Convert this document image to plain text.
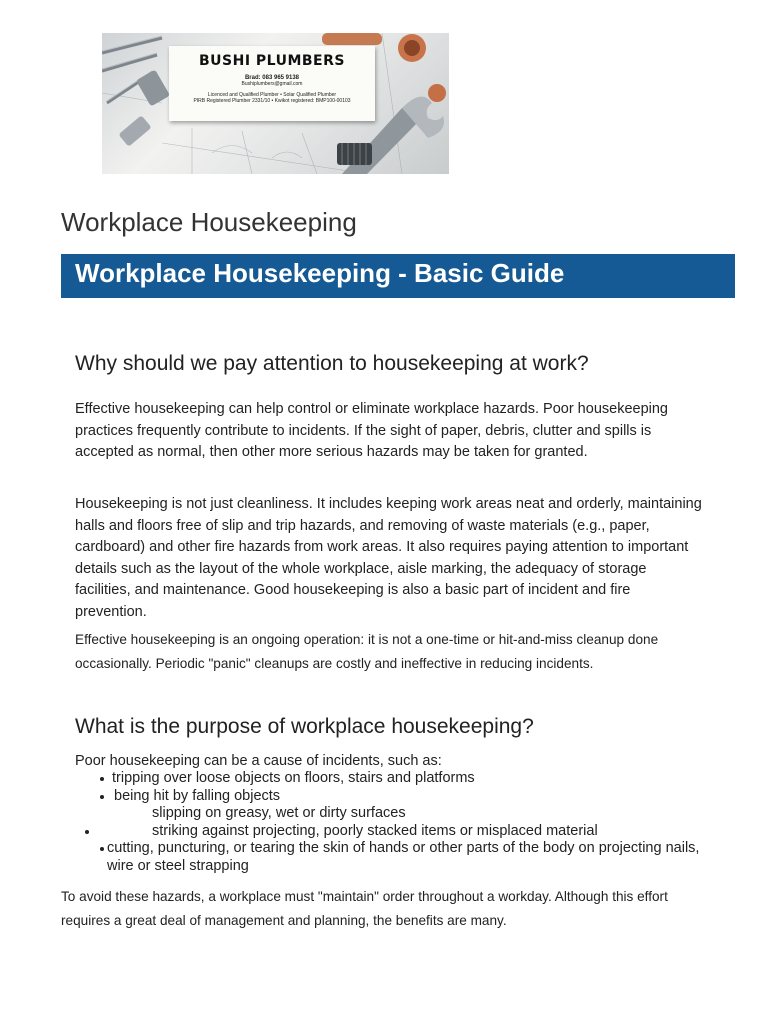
BUSHI PLUMBERS
Brad: 083 965 9138
Bushiplumbers@gmail.com
Licenced and Qualified Plumber • Solar Qualified Plumber
PIRB Registered Plumber 2331/10 • Kwikot registered: BMP100-00103
Workplace Housekeeping
Workplace Housekeeping - Basic Guide
Why should we pay attention to housekeeping at work?

Effective housekeeping can help control or eliminate workplace hazards. Poor housekeeping practices frequently contribute to incidents. If the sight of paper, debris, clutter and spills is accepted as normal, then other more serious hazards may be taken for granted.

Housekeeping is not just cleanliness. It includes keeping work areas neat and orderly, maintaining halls and floors free of slip and trip hazards, and removing of waste materials (e.g., paper, cardboard) and other fire hazards from work areas. It also requires paying attention to important details such as the layout of the whole workplace, aisle marking, the adequacy of storage facilities, and maintenance. Good housekeeping is also a basic part of incident and fire prevention.

Effective housekeeping is an ongoing operation: it is not a one-time or hit-and-miss cleanup done occasionally. Periodic "panic" cleanups are costly and ineffective in reducing incidents.

What is the purpose of workplace housekeeping?

Poor housekeeping can be a cause of incidents, such as:

tripping over loose objects on floors, stairs and platforms
being hit by falling objects
slipping on greasy, wet or dirty surfaces
striking against projecting, poorly stacked items or misplaced material
cutting, puncturing, or tearing the skin of hands or other parts of the body on projecting nails, wire or steel strapping

To avoid these hazards, a workplace must "maintain" order throughout a workday. Although this effort requires a great deal of management and planning, the benefits are many.
